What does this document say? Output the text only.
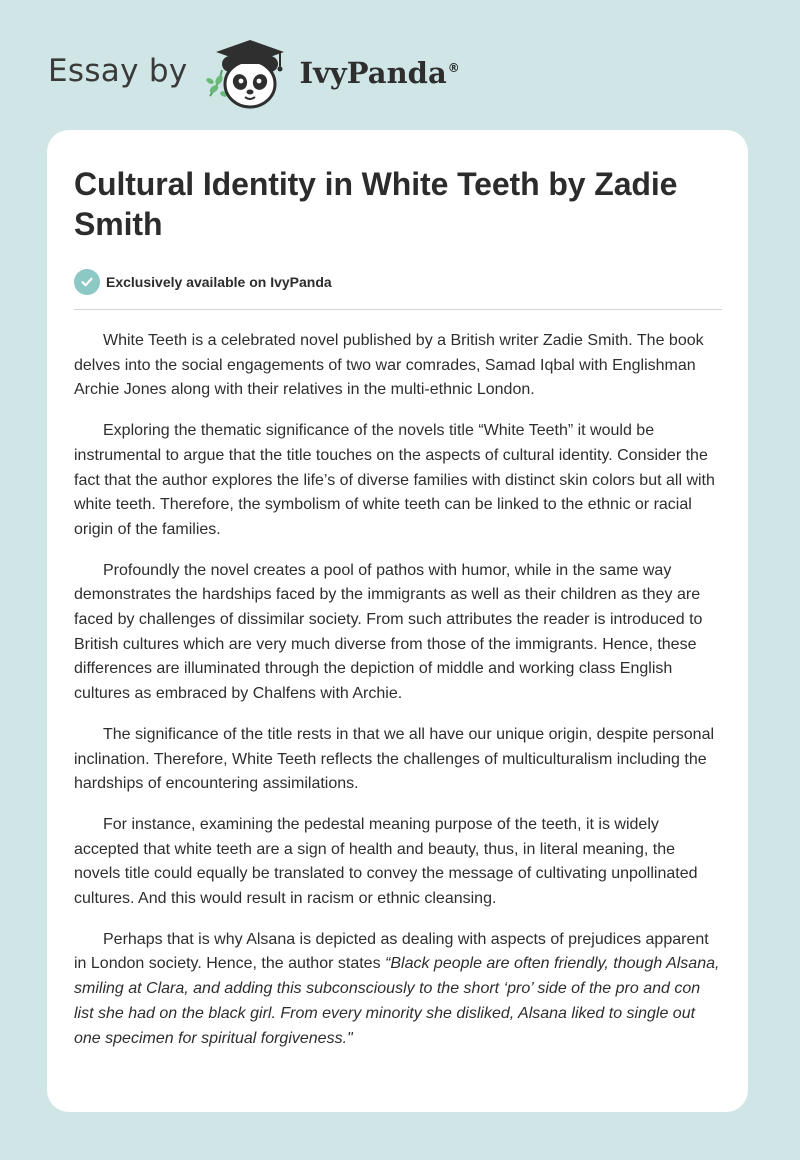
Essay by	IvyPanda®
Cultural Identity in White Teeth by Zadie Smith
Exclusively available on IvyPanda

White Teeth is a celebrated novel published by a British writer Zadie Smith. The book delves into the social engagements of two war comrades, Samad Iqbal with Englishman Archie Jones along with their relatives in the multi-ethnic London.

Exploring the thematic significance of the novels title “White Teeth” it would be instrumental to argue that the title touches on the aspects of cultural identity. Consider the fact that the author explores the life’s of diverse families with distinct skin colors but all with white teeth. Therefore, the symbolism of white teeth can be linked to the ethnic or racial origin of the families.

Profoundly the novel creates a pool of pathos with humor, while in the same way demonstrates the hardships faced by the immigrants as well as their children as they are faced by challenges of dissimilar society. From such attributes the reader is introduced to British cultures which are very much diverse from those of the immigrants. Hence, these differences are illuminated through the depiction of middle and working class English cultures as embraced by Chalfens with Archie.

The significance of the title rests in that we all have our unique origin, despite personal inclination. Therefore, White Teeth reflects the challenges of multiculturalism including the hardships of encountering assimilations.

For instance, examining the pedestal meaning purpose of the teeth, it is widely accepted that white teeth are a sign of health and beauty, thus, in literal meaning, the novels title could equally be translated to convey the message of cultivating unpollinated cultures. And this would result in racism or ethnic cleansing.

Perhaps that is why Alsana is depicted as dealing with aspects of prejudices apparent in London society. Hence, the author states “Black people are often friendly, though Alsana, smiling at Clara, and adding this subconsciously to the short ‘pro’ side of the pro and con list she had on the black girl. From every minority she disliked, Alsana liked to single out one specimen for spiritual forgiveness."
